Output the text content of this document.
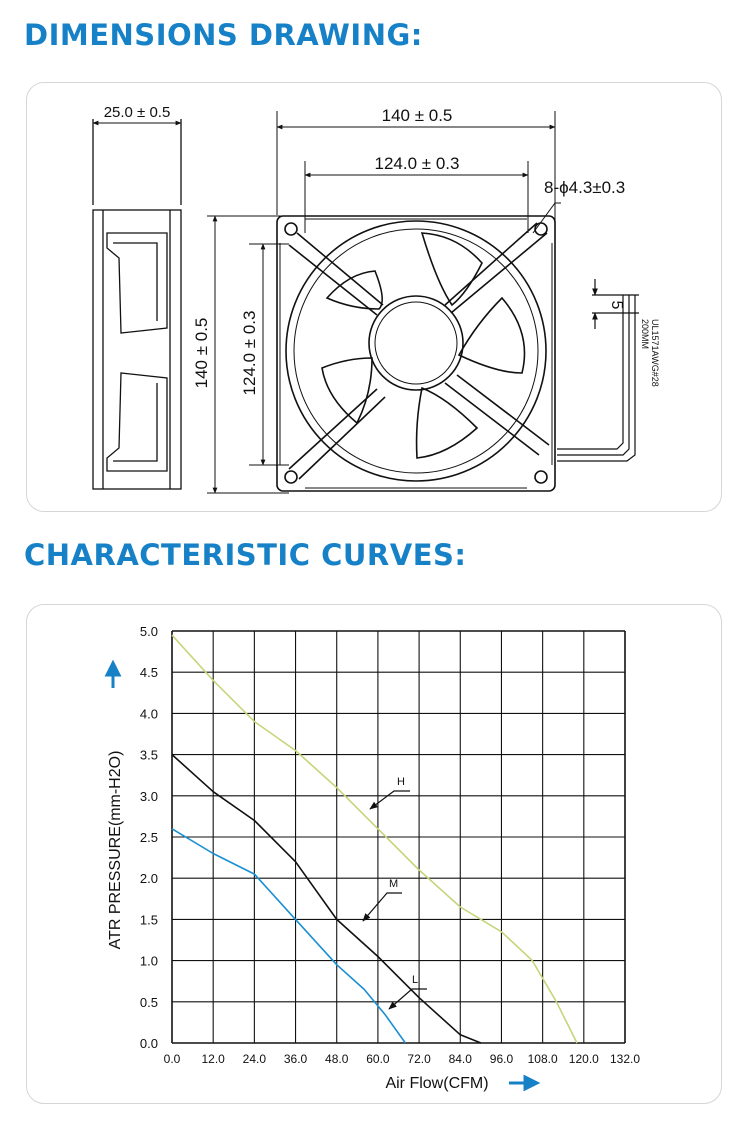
DIMENSIONS DRAWING:
25.0 ± 0.5	140 ± 0.5
124.0 ± 0.3
8-ϕ4.3±0.3
140 ± 0.5 124.0 ± 0.3
5
UL1571AWG#28
200MM
CHARACTERISTIC CURVES:
0.0 12.0 24.0 36.0 48.0 60.0 72.0 84.0 96.0 108.0 120.0 132.0
0.0
0.5
1.0
1.5
2.0
2.5
3.0
3.5
4.0
4.5
5.0
H
M
L
ATR PRESSURE(mm-H2O)
Air Flow(CFM)
